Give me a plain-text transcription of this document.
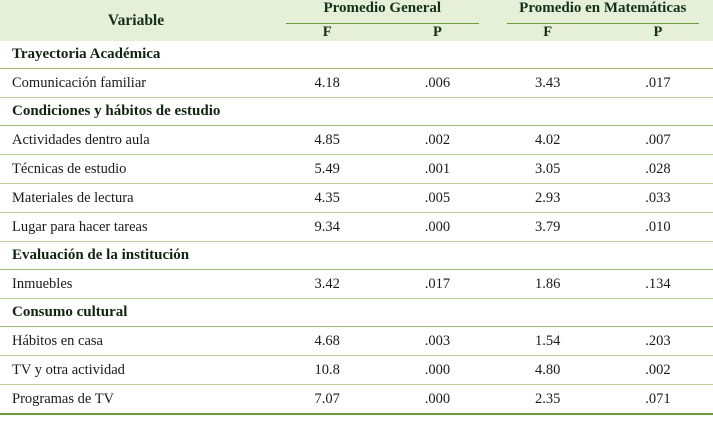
Variable	Promedio General		Promedio en Matemáticas	

	F	P	F	P
Trayectoria Académica				
Comunicación familiar	4.18	.006	3.43	.017
Condiciones y hábitos de estudio				
Actividades dentro aula	4.85	.002	4.02	.007
Técnicas de estudio	5.49	.001	3.05	.028
Materiales de lectura	4.35	.005	2.93	.033
Lugar para hacer tareas	9.34	.000	3.79	.010
Evaluación de la institución				
Inmuebles	3.42	.017	1.86	.134
Consumo cultural				
Hábitos en casa	4.68	.003	1.54	.203
TV y otra actividad	10.8	.000	4.80	.002
Programas de TV	7.07	.000	2.35	.071
